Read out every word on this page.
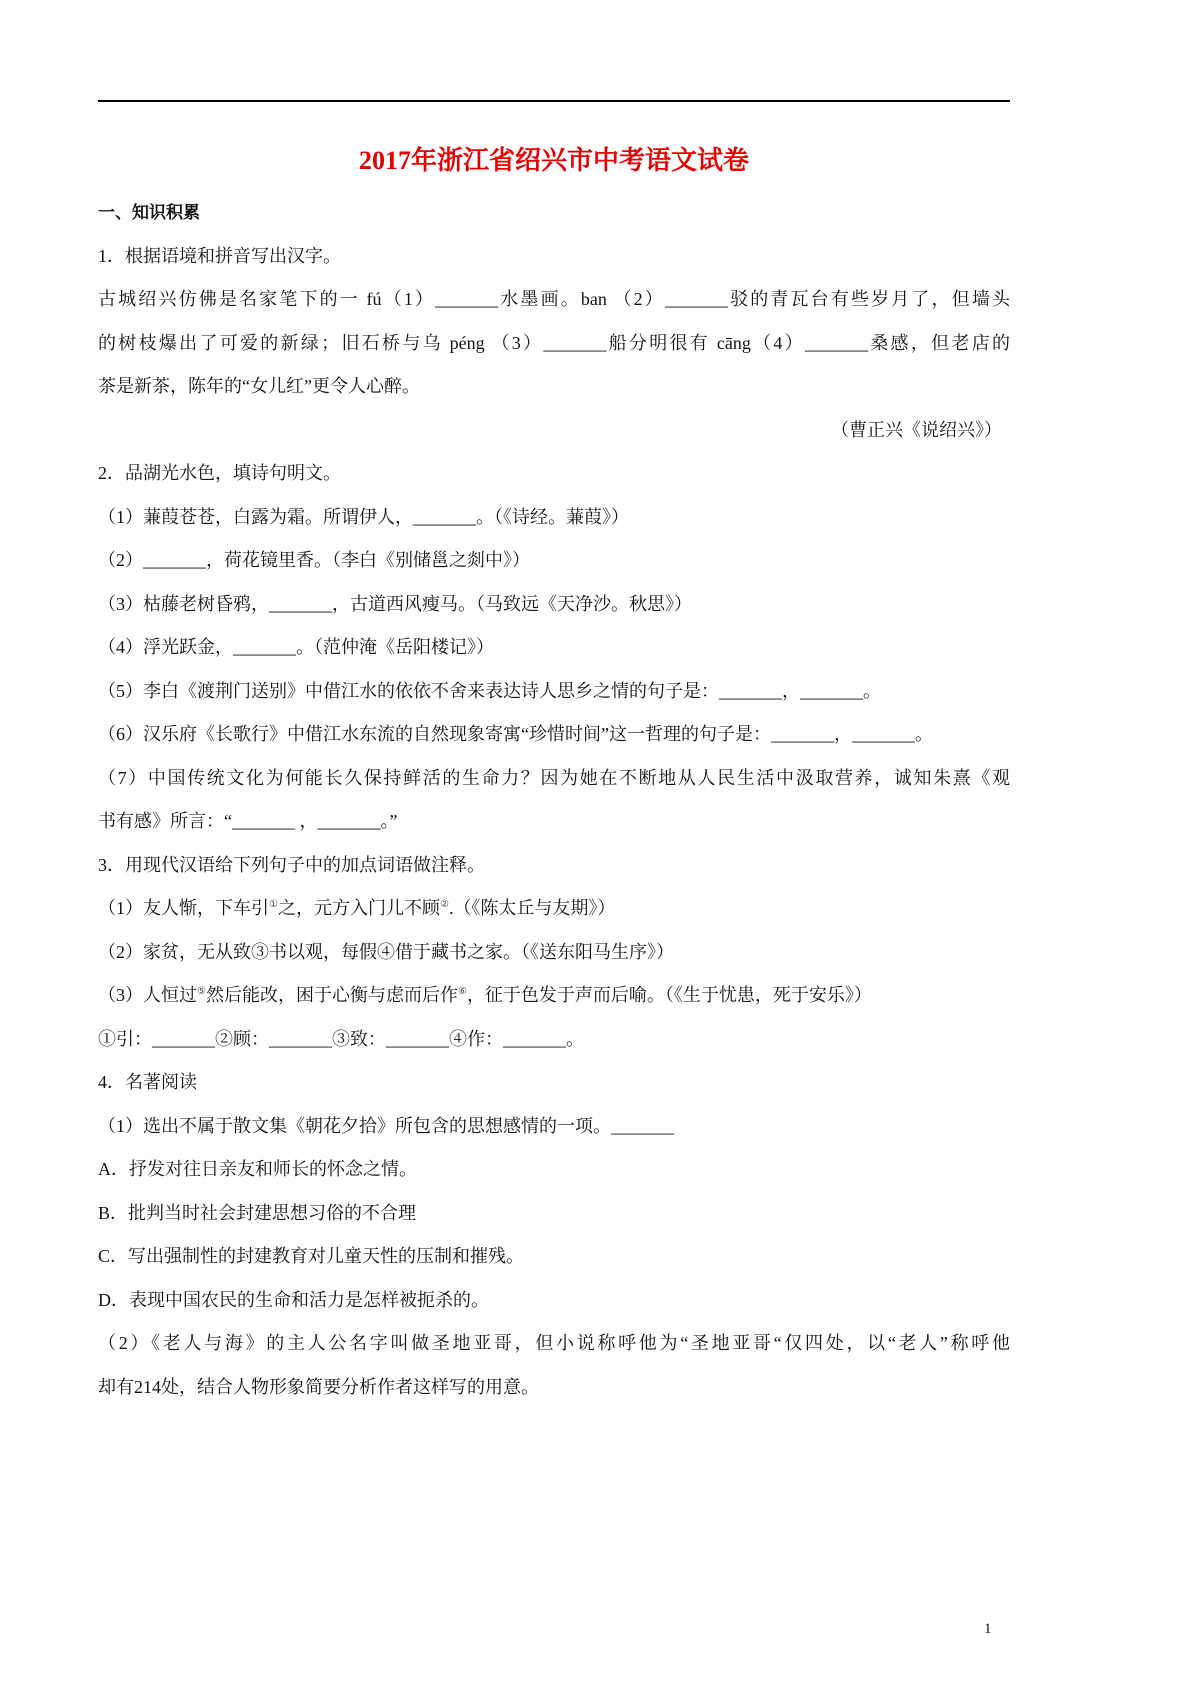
2017年浙江省绍兴市中考语文试卷
一、知识积累
1．根据语境和拼音写出汉字。
古城绍兴仿佛是名家笔下的一 fú（1）_______水墨画。ban （2）_______驳的青瓦台有些岁月了，但墙头
的树枝爆出了可爱的新绿；旧石桥与乌 péng （3）_______船分明很有 cāng（4）_______桑感，但老店的
茶是新茶，陈年的“女儿红”更令人心醉。
（曹正兴《说绍兴》）
2．品湖光水色，填诗句明文。
（1）蒹葭苍苍，白露为霜。所谓伊人，_______。（《诗经。蒹葭》）
（2）_______，荷花镜里香。（李白《别储邕之剡中》）
（3）枯藤老树昏鸦，_______，古道西风瘦马。（马致远《天净沙。秋思》）
（4）浮光跃金，_______。（范仲淹《岳阳楼记》）
（5）李白《渡荆门送别》中借江水的依依不舍来表达诗人思乡之情的句子是：_______，_______。
（6）汉乐府《长歌行》中借江水东流的自然现象寄寓“珍惜时间”这一哲理的句子是：_______，_______。
（7）中国传统文化为何能长久保持鲜活的生命力？因为她在不断地从人民生活中汲取营养，诚知朱熹《观
书有感》所言：“_______ ，_______。”
3．用现代汉语给下列句子中的加点词语做注释。
（1）友人惭，下车引①之，元方入门儿不顾②.（《陈太丘与友期》）
（2）家贫，无从致③书以观，每假④借于藏书之家。（《送东阳马生序》）
（3）人恒过⑤然后能改，困于心衡与虑而后作⑥，征于色发于声而后喻。（《生于忧患，死于安乐》）
①引：_______②顾：_______③致：_______④作：_______。
4．名著阅读
（1）选出不属于散文集《朝花夕拾》所包含的思想感情的一项。_______
A．抒发对往日亲友和师长的怀念之情。
B．批判当时社会封建思想习俗的不合理
C．写出强制性的封建教育对儿童天性的压制和摧残。
D．表现中国农民的生命和活力是怎样被扼杀的。
（2）《老人与海》的主人公名字叫做圣地亚哥，但小说称呼他为“圣地亚哥“仅四处，以“老人”称呼他
却有214处，结合人物形象简要分析作者这样写的用意。
1
